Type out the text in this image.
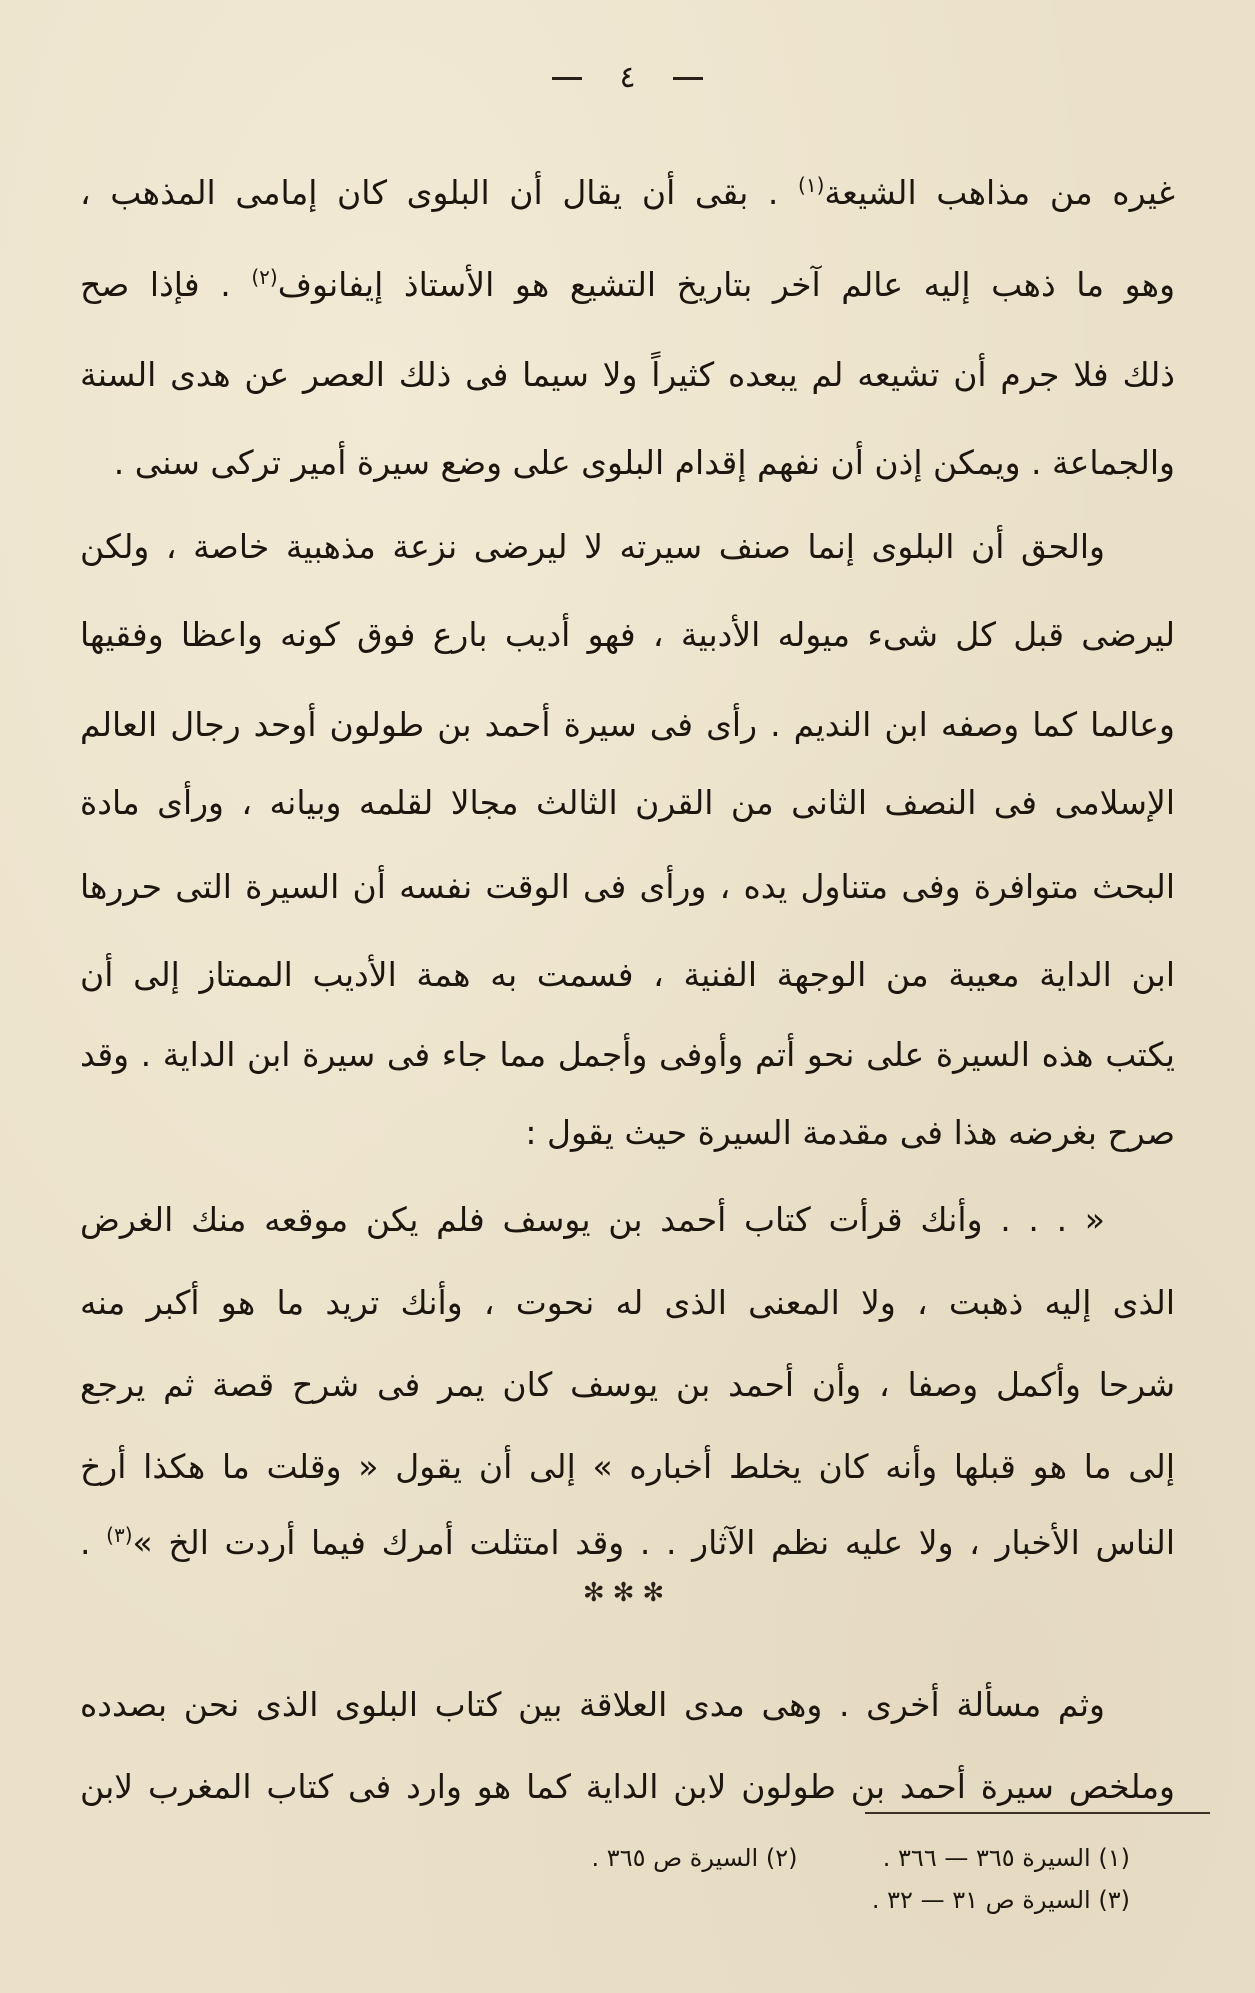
٤
غيره من مذاهب الشيعة$^{(١)}$ . بقى أن يقال أن البلوى كان إمامى المذهب ،
وهو ما ذهب إليه عالم آخر بتاريخ التشيع هو الأستاذ إيفانوف$^{(٢)}$ . فإذا صح
ذلك فلا جرم أن تشيعه لم يبعده كثيراً ولا سيما فى ذلك العصر عن هدى السنة
والجماعة . ويمكن إذن أن نفهم إقدام البلوى على وضع سيرة أمير تركى سنى .
والحق أن البلوى إنما صنف سيرته لا ليرضى نزعة مذهبية خاصة ، ولكن
ليرضى قبل كل شىء ميوله الأدبية ، فهو أديب بارع فوق كونه واعظا وفقيها
وعالما كما وصفه ابن النديم . رأى فى سيرة أحمد بن طولون أوحد رجال العالم
الإسلامى فى النصف الثانى من القرن الثالث مجالا لقلمه وبيانه ، ورأى مادة
البحث متوافرة وفى متناول يده ، ورأى فى الوقت نفسه أن السيرة التى حررها
ابن الداية معيبة من الوجهة الفنية ، فسمت به همة الأديب الممتاز إلى أن
يكتب هذه السيرة على نحو أتم وأوفى وأجمل مما جاء فى سيرة ابن الداية . وقد
صرح بغرضه هذا فى مقدمة السيرة حيث يقول :
« . . . وأنك قرأت كتاب أحمد بن يوسف فلم يكن موقعه منك الغرض
الذى إليه ذهبت ، ولا المعنى الذى له نحوت ، وأنك تريد ما هو أكبر منه
شرحا وأكمل وصفا ، وأن أحمد بن يوسف كان يمر فى شرح قصة ثم يرجع
إلى ما هو قبلها وأنه كان يخلط أخباره » إلى أن يقول « وقلت ما هكذا أرخ
الناس الأخبار ، ولا عليه نظم الآثار . . وقد امتثلت أمرك فيما أردت الخ »$^{(٣)}$ .
وثم مسألة أخرى . وهى مدى العلاقة بين كتاب البلوى الذى نحن بصدده
وملخص سيرة أحمد بن طولون لابن الداية كما هو وارد فى كتاب المغرب لابن
✻✻✻
(١) السيرة ٣٦٥ — ٣٦٦ .  (٢) السيرة ص ٣٦٥ .
(٣) السيرة ص ٣١ — ٣٢ .
